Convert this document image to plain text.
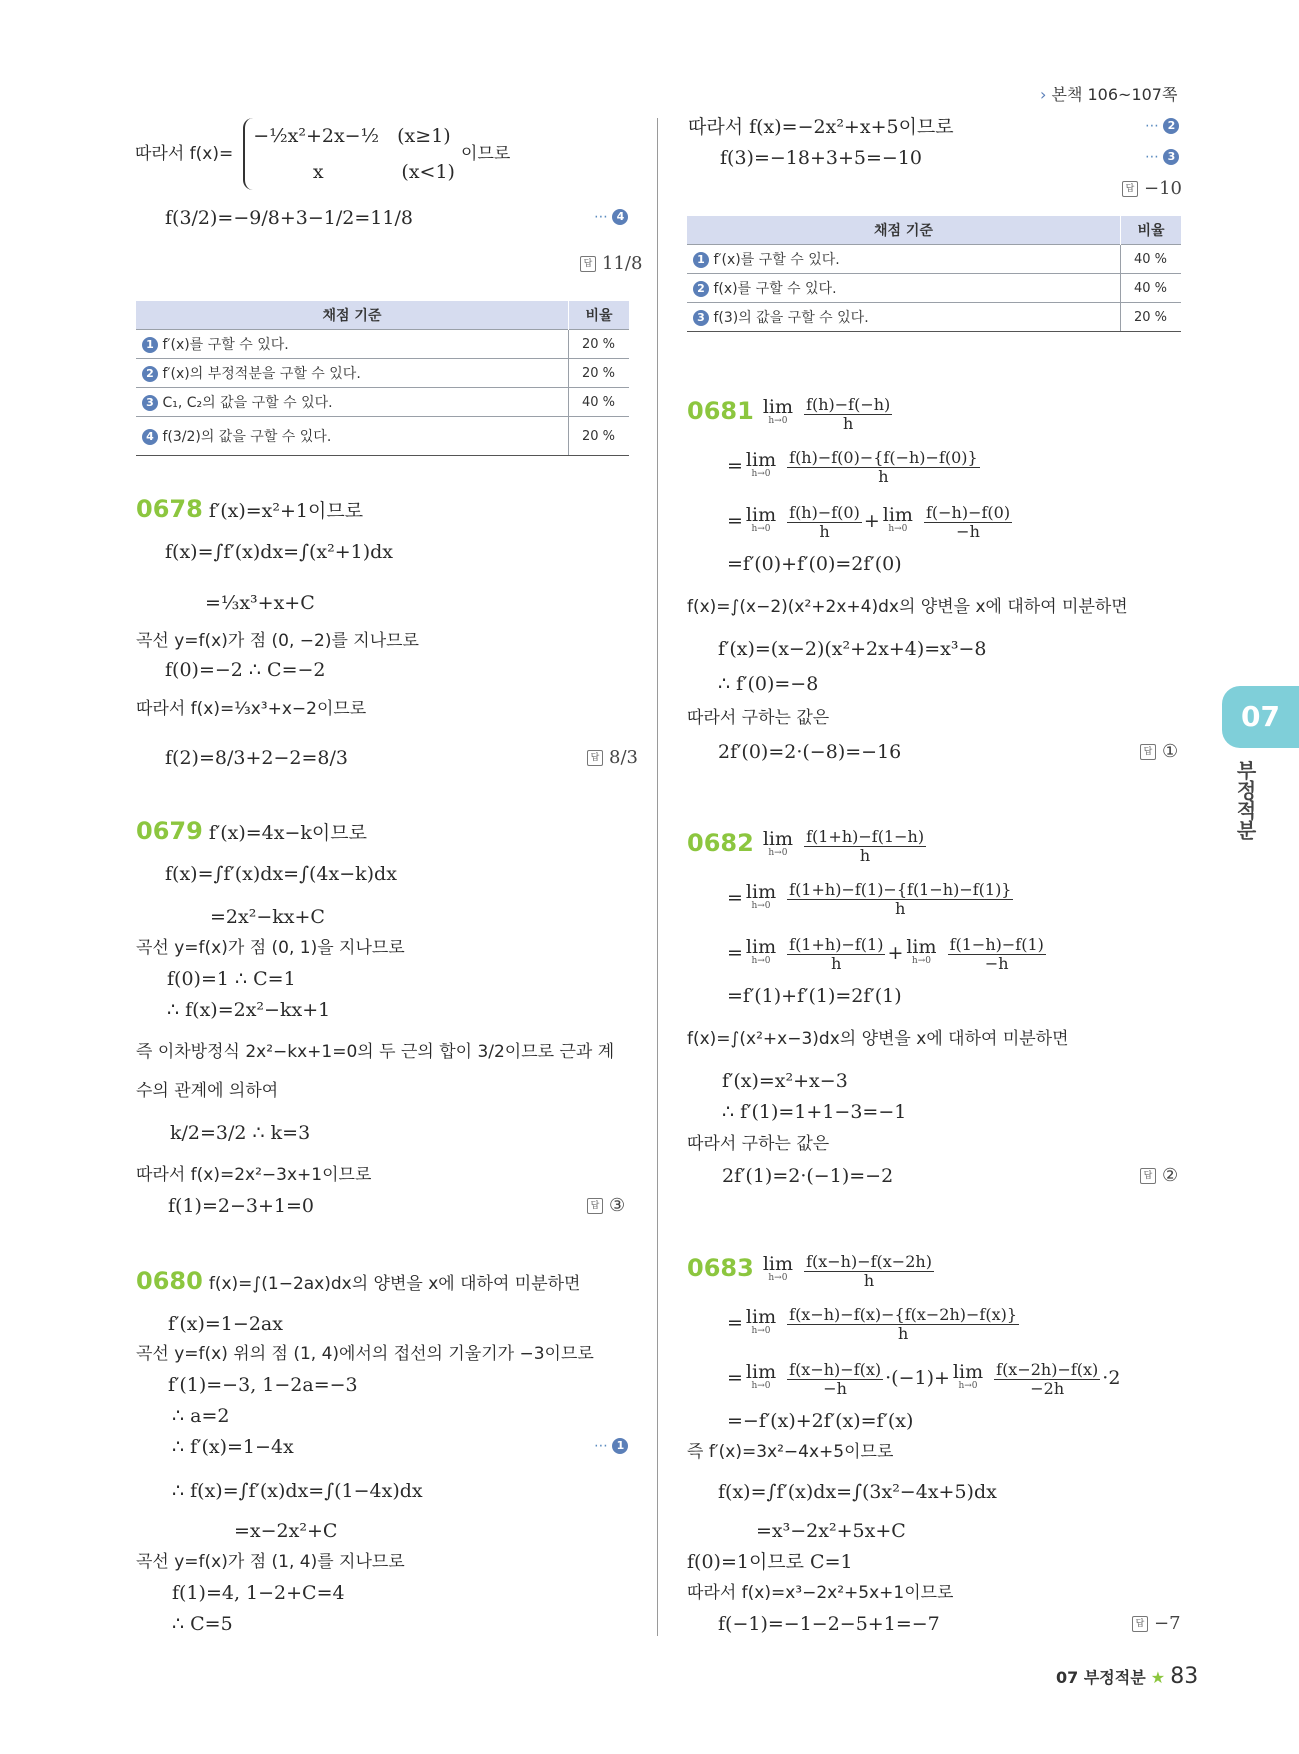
› 본책 106~107쪽
07
부정적분
따라서 f(x)=
−½x²+2x−½ (x≥1)
x	(x<1)
이므로
f(3/2)=−9/8+3−1/2=11/8	⋯ 4
답 11/8
채점 기준	비율
1 f′(x)를 구할 수 있다.	20 %
2 f′(x)의 부정적분을 구할 수 있다.	20 %
3 C₁, C₂의 값을 구할 수 있다.	40 %
4 f(3/2)의 값을 구할 수 있다.	20 %
0678 f′(x)=x²+1이므로
f(x)=∫f′(x)dx=∫(x²+1)dx
=⅓x³+x+C
곡선 y=f(x)가 점 (0, −2)를 지나므로
f(0)=−2 ∴ C=−2
따라서 f(x)=⅓x³+x−2이므로
f(2)=8/3+2−2=8/3	답 8/3
0679 f′(x)=4x−k이므로
f(x)=∫f′(x)dx=∫(4x−k)dx
=2x²−kx+C
곡선 y=f(x)가 점 (0, 1)을 지나므로
f(0)=1 ∴ C=1
∴ f(x)=2x²−kx+1
즉 이차방정식 2x²−kx+1=0의 두 근의 합이 3/2이므로 근과 계
수의 관계에 의하여
k/2=3/2 ∴ k=3
따라서 f(x)=2x²−3x+1이므로
f(1)=2−3+1=0	답 ③
0680 f(x)=∫(1−2ax)dx의 양변을 x에 대하여 미분하면
f′(x)=1−2ax
곡선 y=f(x) 위의 점 (1, 4)에서의 접선의 기울기가 −3이므로
f′(1)=−3, 1−2a=−3
∴ a=2
∴ f′(x)=1−4x	⋯ 1
∴ f(x)=∫f′(x)dx=∫(1−4x)dx
=x−2x²+C
곡선 y=f(x)가 점 (1, 4)를 지나므로
f(1)=4, 1−2+C=4
∴ C=5
따라서 f(x)=−2x²+x+5이므로	⋯ 2
f(3)=−18+3+5=−10	⋯ 3
답 −10
채점 기준	비율
1 f′(x)를 구할 수 있다.	40 %
2 f(x)를 구할 수 있다.	40 %
3 f(3)의 값을 구할 수 있다.	20 %
0681 lim
h→0
	$\frac{f(h)-f(-h)}{h}$
= lim
h→0
	$\frac{f(h)-f(0)-\{f(-h)-f(0)\}}{h}$
= lim
h→0
	$\frac{f(h)-f(0)}{h} + \lim$
h→0
	$\frac{f(-h)-f(0)}{-h}$
=f′(0)+f′(0)=2f′(0)
f(x)=∫(x−2)(x²+2x+4)dx의 양변을 x에 대하여 미분하면
f′(x)=(x−2)(x²+2x+4)=x³−8
∴ f′(0)=−8
따라서 구하는 값은
2f′(0)=2·(−8)=−16	답 ①
0682 lim
h→0
	$\frac{f(1+h)-f(1-h)}{h}$
= lim
h→0
	$\frac{f(1+h)-f(1)-\{f(1-h)-f(1)\}}{h}$
= lim
h→0
	$\frac{f(1+h)-f(1)}{h} + \lim$
h→0
	$\frac{f(1-h)-f(1)}{-h}$
=f′(1)+f′(1)=2f′(1)
f(x)=∫(x²+x−3)dx의 양변을 x에 대하여 미분하면
f′(x)=x²+x−3
∴ f′(1)=1+1−3=−1
따라서 구하는 값은
2f′(1)=2·(−1)=−2	답 ②
0683 lim
h→0
	$\frac{f(x-h)-f(x-2h)}{h}$
= lim
h→0
	$\frac{f(x-h)-f(x)-\{f(x-2h)-f(x)\}}{h}$
= lim
h→0
	$\frac{f(x-h)-f(x)}{-h} \cdot(-1)+ \lim$
h→0
	$\frac{f(x-2h)-f(x)}{-2h} \cdot 2$
=−f′(x)+2f′(x)=f′(x)
즉 f′(x)=3x²−4x+5이므로
f(x)=∫f′(x)dx=∫(3x²−4x+5)dx
=x³−2x²+5x+C
f(0)=1이므로 C=1
따라서 f(x)=x³−2x²+5x+1이므로
f(−1)=−1−2−5+1=−7	답 −7
07 부정적분 ★ 83
